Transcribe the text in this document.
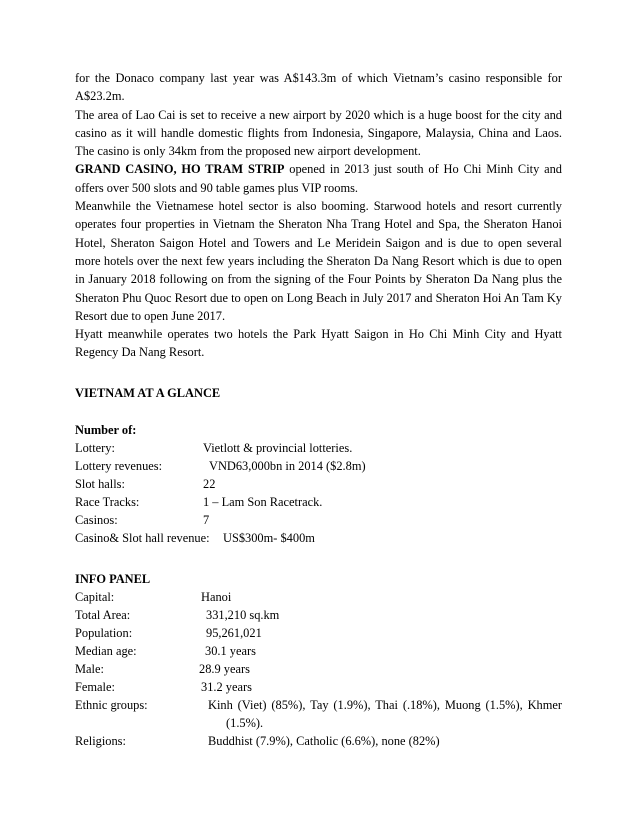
for the Donaco company last year was A$143.3m of which Vietnam’s casino responsible for A$23.2m.

The area of Lao Cai is set to receive a new airport by 2020 which is a huge boost for the city and casino as it will handle domestic flights from Indonesia, Singapore, Malaysia, China and Laos. The casino is only 34km from the proposed new airport development.

GRAND CASINO, HO TRAM STRIP opened in 2013 just south of Ho Chi Minh City and offers over 500 slots and 90 table games plus VIP rooms.

Meanwhile the Vietnamese hotel sector is also booming. Starwood hotels and resort currently operates four properties in Vietnam the Sheraton Nha Trang Hotel and Spa, the Sheraton Hanoi Hotel, Sheraton Saigon Hotel and Towers and Le Meridein Saigon and is due to open several more hotels over the next few years including the Sheraton Da Nang Resort which is due to open in January 2018 following on from the signing of the Four Points by Sheraton Da Nang plus the Sheraton Phu Quoc Resort due to open on Long Beach in July 2017 and Sheraton Hoi An Tam Ky Resort due to open June 2017.

Hyatt meanwhile operates two hotels the Park Hyatt Saigon in Ho Chi Minh City and Hyatt Regency Da Nang Resort.

VIETNAM AT A GLANCE
Number of:
Lottery:	Vietlott & provincial lotteries.
Lottery revenues:	VND63,000bn in 2014 ($2.8m)
Slot halls:	22
Race Tracks:	1 – Lam Son Racetrack.
Casinos:	7
Casino& Slot hall revenue: US$300m- $400m
INFO PANEL
Capital:	Hanoi
Total Area:	331,210 sq.km
Population:	95,261,021
Median age:	30.1 years
Male:	28.9 years
Female:	31.2 years
Ethnic groups:	Kinh (Viet) (85%), Tay (1.9%), Thai (.18%), Muong (1.5%), Khmer
(1.5%).
Religions:	Buddhist (7.9%), Catholic (6.6%), none (82%)
